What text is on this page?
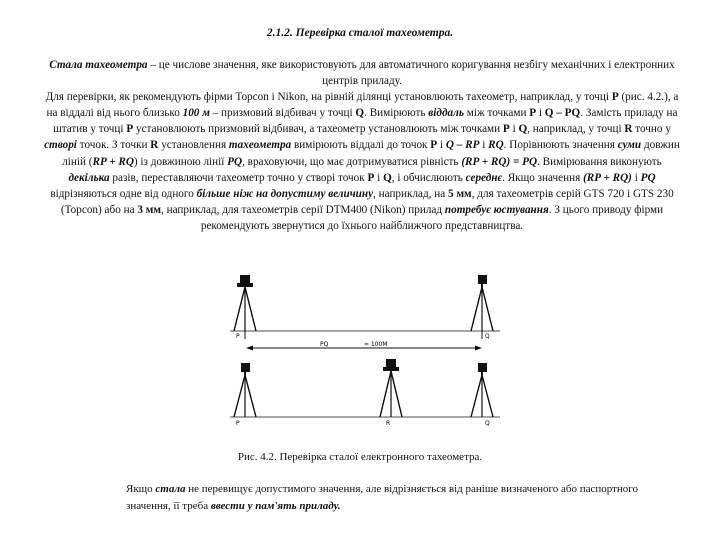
2.1.2. Перевірка сталої тахеометра.
Стала тахеометра – це числове значення, яке використовують для автоматичного коригування незбігу механічних і електронних центрів приладу.
Для перевірки, як рекомендують фірми Topcon і Nikon, на рівній ділянці установлюють тахеометр, наприклад, у точці P (рис. 4.2.), а на віддалі від нього близько 100 м – призмовий відбивач у точці Q. Вимірюють віддаль між точками P і Q – PQ. Замість приладу на штатив у точці P установлюють призмовий відбивач, а тахеометр установлюють між точками P і Q, наприклад, у точці R точно у створі точок. З точки R установлення тахеометра вимірюють віддалі до точок P і Q – RP і RQ. Порівнюють значення суми довжин ліній (RP + RQ) із довжиною лінії PQ, враховуючи, що має дотримуватися рівність (RP + RQ) = PQ. Вимірювання виконують декілька разів, переставляючи тахеометр точно у створі точок P і Q, і обчислюють середнє. Якщо значення (RP + RQ) і PQ відрізняються одне від одного більше ніж на допустиму величину, наприклад, на 5 мм, для тахеометрів серій GTS 720 і GTS 230 (Topcon) або на 3 мм, наприклад, для тахеометрів серії DTM400 (Nikon) прилад потребує юстування. З цього приводу фірми рекомендують звернутися до їхнього найближчого представництва.
P	Q
PQ	≈ 100М
P	R	Q
Рис. 4.2. Перевірка сталої електронного тахеометра.
Якщо стала не перевищує допустимого значення, але відрізняється від раніше визначеного або паспортного значення, її треба ввести у пам'ять приладу.
